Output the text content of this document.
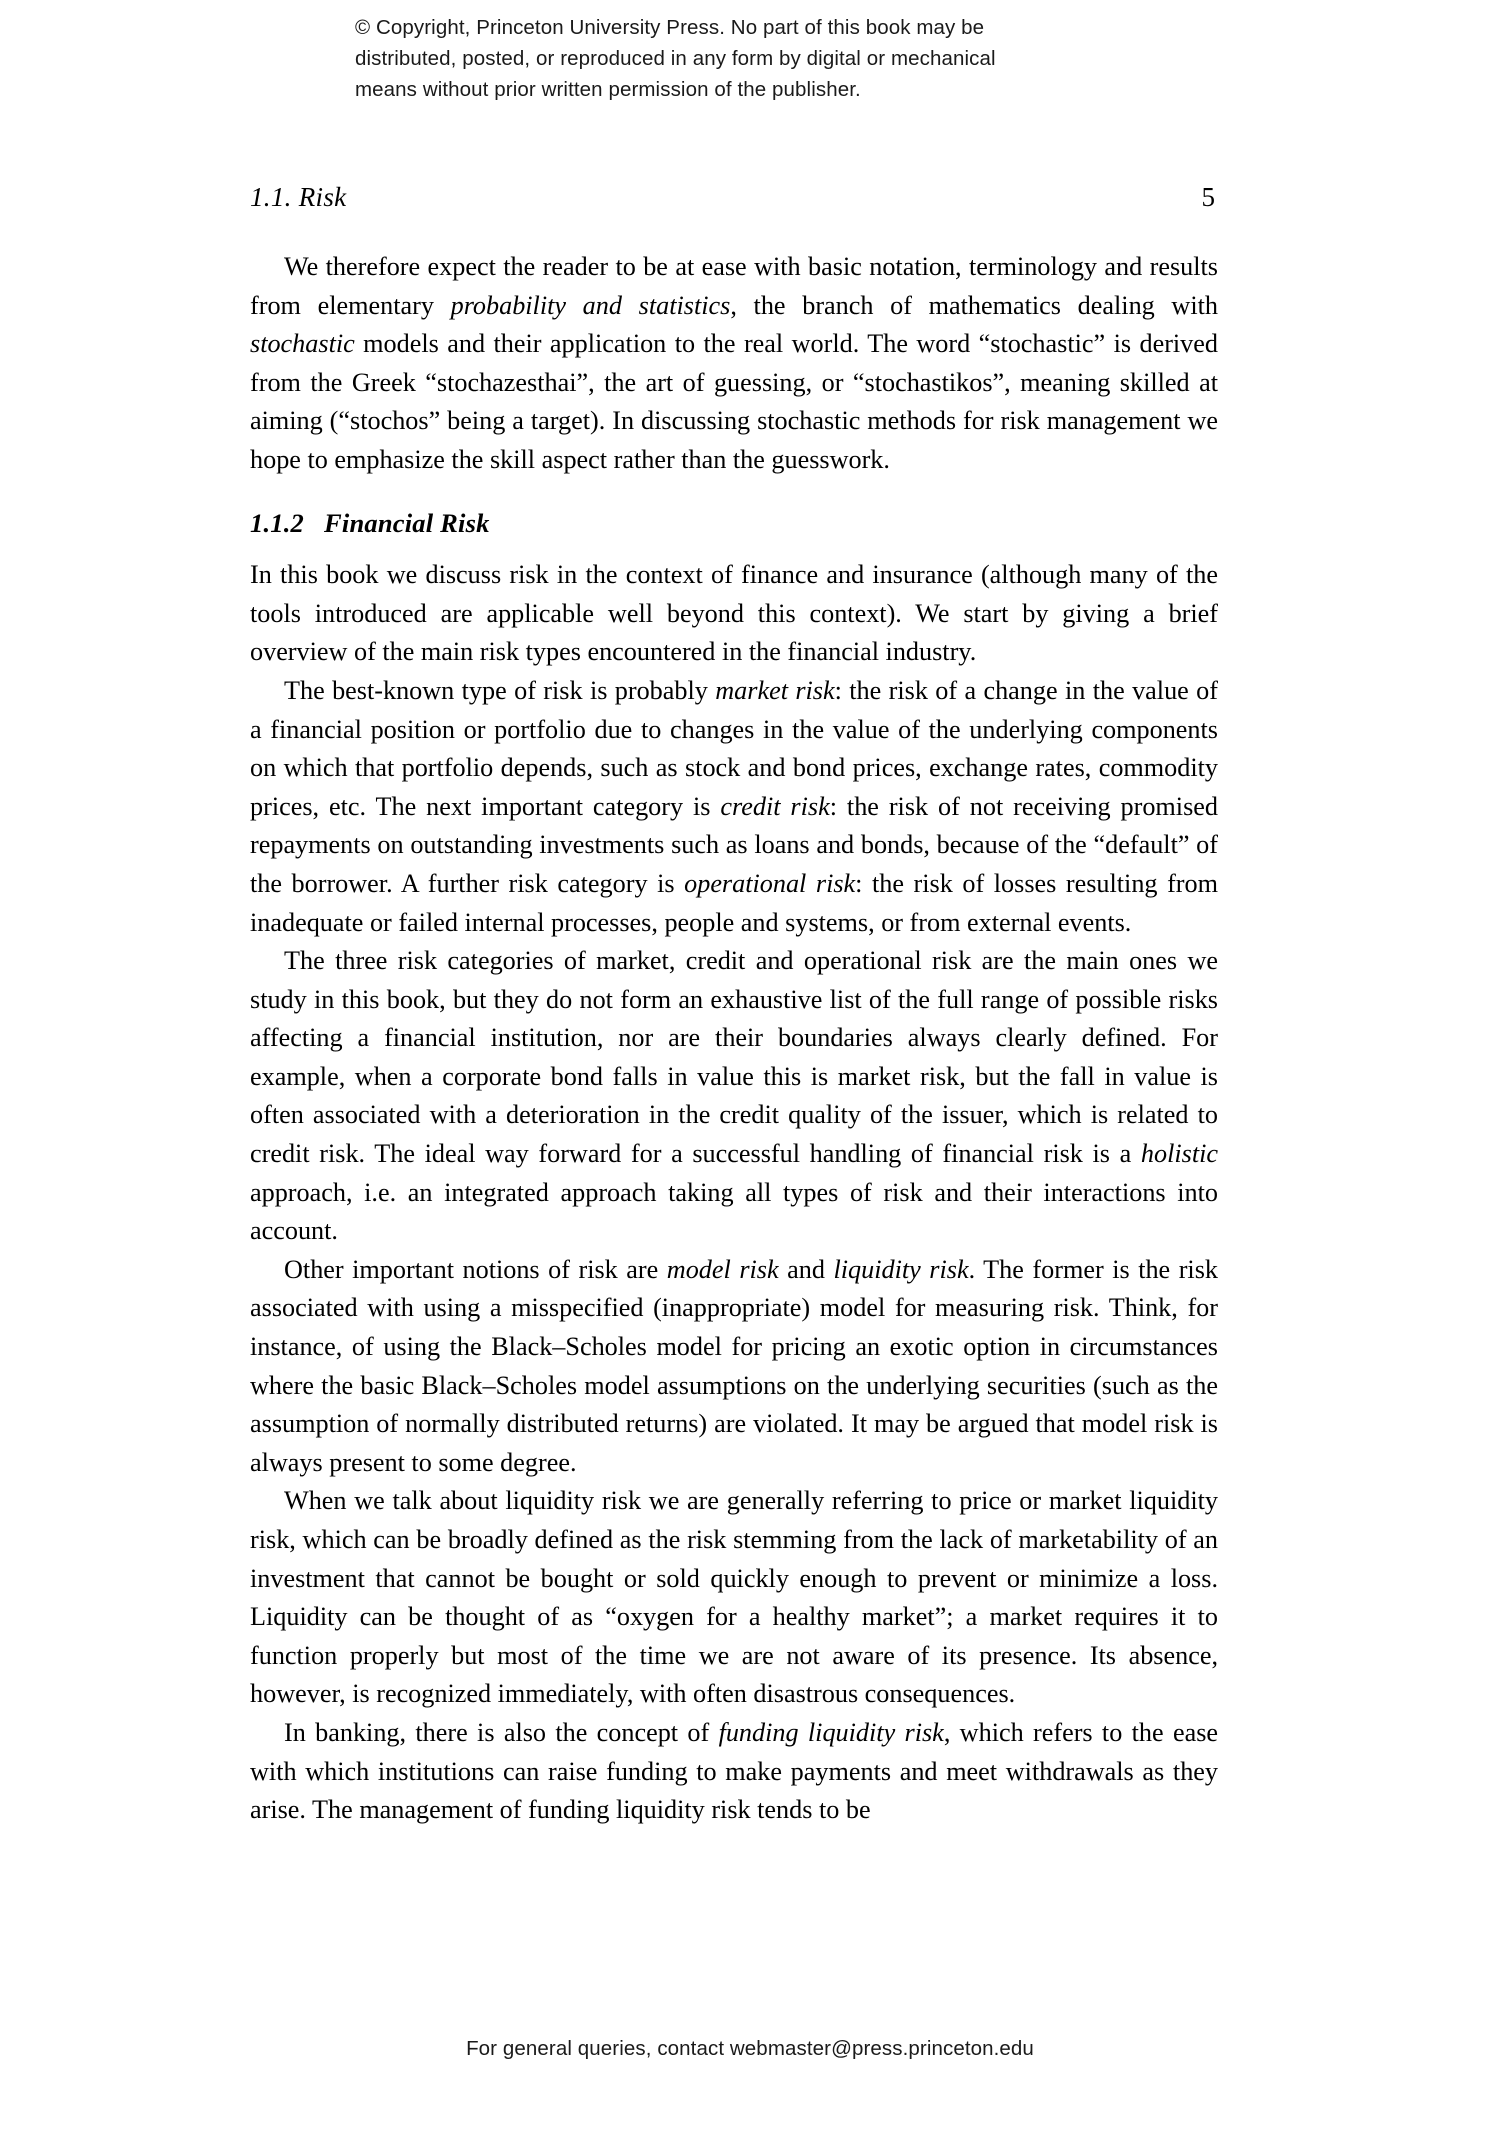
© Copyright, Princeton University Press. No part of this book may be
distributed, posted, or reproduced in any form by digital or mechanical
means without prior written permission of the publisher.
1.1. Risk	5

We therefore expect the reader to be at ease with basic notation, terminology and results from elementary probability and statistics, the branch of mathematics dealing with stochastic models and their application to the real world. The word “stochastic” is derived from the Greek “stochazesthai”, the art of guessing, or “stochastikos”, meaning skilled at aiming (“stochos” being a target). In discussing stochastic methods for risk management we hope to emphasize the skill aspect rather than the guesswork.

1.1.2 Financial Risk

In this book we discuss risk in the context of finance and insurance (although many of the tools introduced are applicable well beyond this context). We start by giving a brief overview of the main risk types encountered in the financial industry.

The best-known type of risk is probably market risk: the risk of a change in the value of a financial position or portfolio due to changes in the value of the underlying components on which that portfolio depends, such as stock and bond prices, exchange rates, commodity prices, etc. The next important category is credit risk: the risk of not receiving promised repayments on outstanding investments such as loans and bonds, because of the “default” of the borrower. A further risk category is operational risk: the risk of losses resulting from inadequate or failed internal processes, people and systems, or from external events.

The three risk categories of market, credit and operational risk are the main ones we study in this book, but they do not form an exhaustive list of the full range of possible risks affecting a financial institution, nor are their boundaries always clearly defined. For example, when a corporate bond falls in value this is market risk, but the fall in value is often associated with a deterioration in the credit quality of the issuer, which is related to credit risk. The ideal way forward for a successful handling of financial risk is a holistic approach, i.e. an integrated approach taking all types of risk and their interactions into account.

Other important notions of risk are model risk and liquidity risk. The former is the risk associated with using a misspecified (inappropriate) model for measuring risk. Think, for instance, of using the Black–Scholes model for pricing an exotic option in circumstances where the basic Black–Scholes model assumptions on the underlying securities (such as the assumption of normally distributed returns) are violated. It may be argued that model risk is always present to some degree.

When we talk about liquidity risk we are generally referring to price or market liquidity risk, which can be broadly defined as the risk stemming from the lack of marketability of an investment that cannot be bought or sold quickly enough to prevent or minimize a loss. Liquidity can be thought of as “oxygen for a healthy market”; a market requires it to function properly but most of the time we are not aware of its presence. Its absence, however, is recognized immediately, with often disastrous consequences.

In banking, there is also the concept of funding liquidity risk, which refers to the ease with which institutions can raise funding to make payments and meet withdrawals as they arise. The management of funding liquidity risk tends to be

For general queries, contact webmaster@press.princeton.edu
